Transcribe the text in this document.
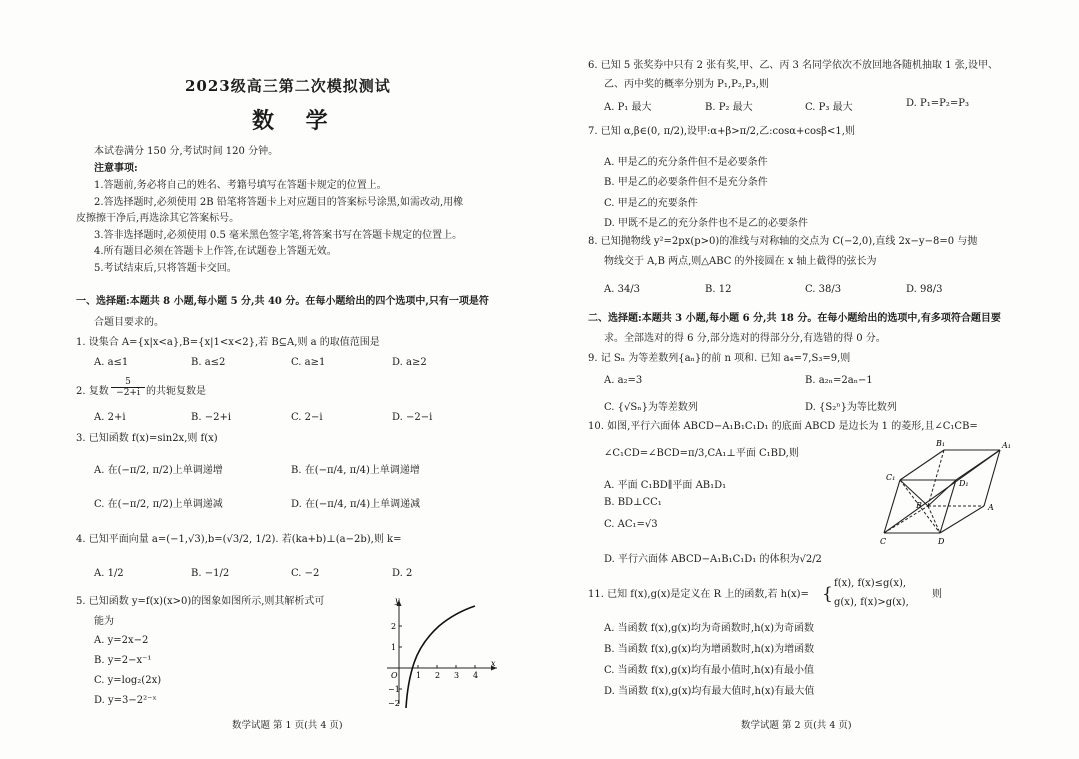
2023级高三第二次模拟测试
数 学
本试卷满分 150 分,考试时间 120 分钟。
注意事项:
1.答题前,务必将自己的姓名、考籍号填写在答题卡规定的位置上。
2.答选择题时,必须使用 2B 铅笔将答题卡上对应题目的答案标号涂黑,如需改动,用橡
皮擦擦干净后,再选涂其它答案标号。
3.答非选择题时,必须使用 0.5 毫米黑色签字笔,将答案书写在答题卡规定的位置上。
4.所有题目必须在答题卡上作答,在试题卷上答题无效。
5.考试结束后,只将答题卡交回。
一、选择题:本题共 8 小题,每小题 5 分,共 40 分。在每小题给出的四个选项中,只有一项是符
合题目要求的。
1. 设集合 A={x|x<a},B={x|1<x<2},若 B⊆A,则 a 的取值范围是
A. a≤1	B. a≤2	C. a≥1	D. a≥2
2. 复数 $\frac{5}{-2+i}$ 的共轭复数是
A. 2+i	B. −2+i	C. 2−i	D. −2−i
3. 已知函数 f(x)=sin2x,则 f(x)
A. 在(−π/2, π/2)上单调递增	B. 在(−π/4, π/4)上单调递增
C. 在(−π/2, π/2)上单调递减	D. 在(−π/4, π/4)上单调递减
4. 已知平面向量 a=(−1,√3),b=(√3/2, 1/2). 若(ka+b)⊥(a−2b),则 k=
A. 1/2	B. −1/2	C. −2	D. 2
5. 已知函数 y=f(x)(x>0)的图象如图所示,则其解析式可
能为
A. y=2x−2
B. y=2−x⁻¹
C. y=log₂(2x)
D. y=3−2²⁻ˣ
y
x
O 1 2 3 4
2
1
−1
−2
数学试题 第 1 页(共 4 页)
6. 已知 5 张奖券中只有 2 张有奖,甲、乙、丙 3 名同学依次不放回地各随机抽取 1 张,设甲、
乙、丙中奖的概率分别为 P₁,P₂,P₃,则
A. P₁ 最大	B. P₂ 最大	C. P₃ 最大	D. P₁=P₂=P₃
7. 已知 α,β∈(0, π/2),设甲:α+β>π/2,乙:cosα+cosβ<1,则
A. 甲是乙的充分条件但不是必要条件
B. 甲是乙的必要条件但不是充分条件
C. 甲是乙的充要条件
D. 甲既不是乙的充分条件也不是乙的必要条件
8. 已知抛物线 y²=2px(p>0)的准线与对称轴的交点为 C(−2,0),直线 2x−y−8=0 与抛
物线交于 A,B 两点,则△ABC 的外接圆在 x 轴上截得的弦长为
A. 34/3	B. 12	C. 38/3	D. 98/3
二、选择题:本题共 3 小题,每小题 6 分,共 18 分。在每小题给出的选项中,有多项符合题目要
求。全部选对的得 6 分,部分选对的得部分分,有选错的得 0 分。
9. 记 Sₙ 为等差数列{aₙ}的前 n 项和. 已知 a₄=7,S₃=9,则
A. a₂=3	B. a₂ₙ=2aₙ−1
C. {√Sₙ}为等差数列	D. {S₂ⁿ}为等比数列
10. 如图,平行六面体 ABCD−A₁B₁C₁D₁ 的底面 ABCD 是边长为 1 的菱形,且∠C₁CB=
∠C₁CD=∠BCD=π/3,CA₁⊥平面 C₁BD,则
A. 平面 C₁BD∥平面 AB₁D₁
B. BD⊥CC₁
C. AC₁=√3
D. 平行六面体 ABCD−A₁B₁C₁D₁ 的体积为√2/2
B₁	A₁
C₁
D₁
B	A
C	D
11. 已知 f(x),g(x)是定义在 R 上的函数,若 h(x)= {
f(x), f(x)≤g(x),
g(x), f(x)>g(x),
则
A. 当函数 f(x),g(x)均为奇函数时,h(x)为奇函数
B. 当函数 f(x),g(x)均为增函数时,h(x)为增函数
C. 当函数 f(x),g(x)均有最小值时,h(x)有最小值
D. 当函数 f(x),g(x)均有最大值时,h(x)有最大值
数学试题 第 2 页(共 4 页)
